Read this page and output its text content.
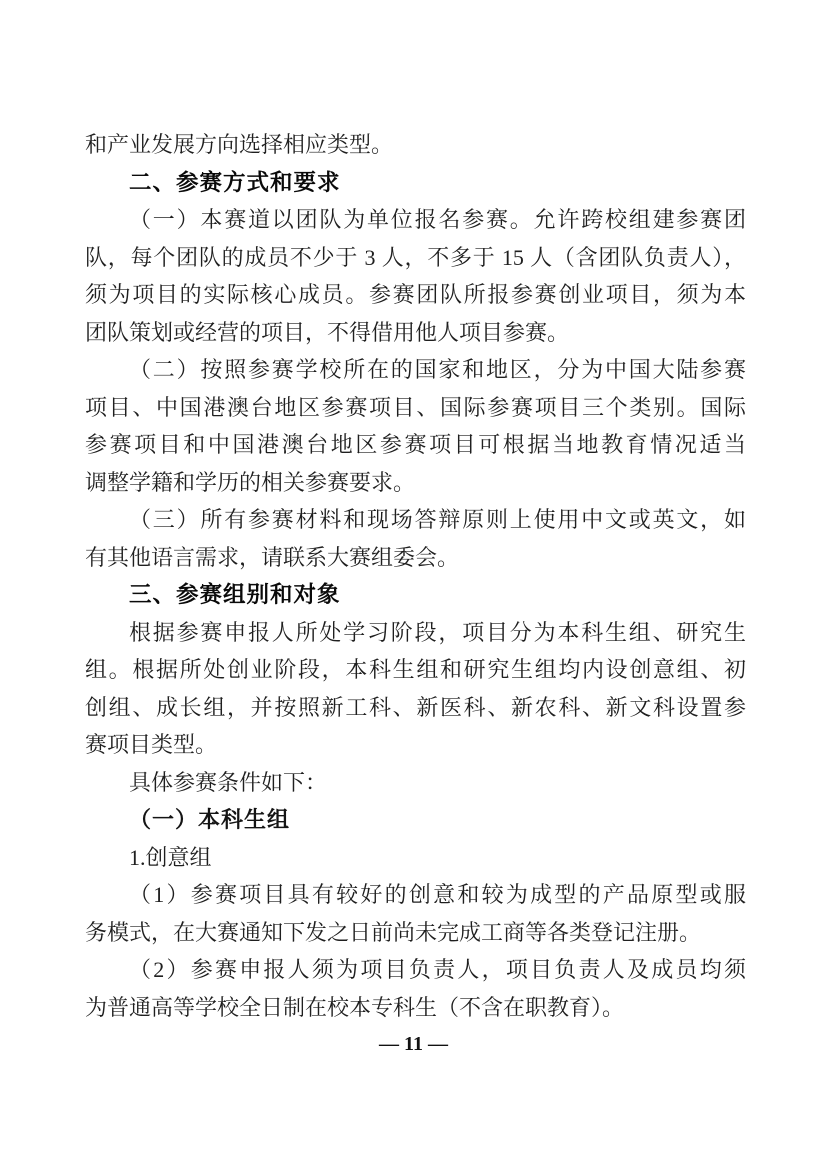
和产业发展方向选择相应类型。

二、参赛方式和要求

（一）本赛道以团队为单位报名参赛。允许跨校组建参赛团

队，每个团队的成员不少于 3 人，不多于 15 人（含团队负责人），

须为项目的实际核心成员。参赛团队所报参赛创业项目，须为本

团队策划或经营的项目，不得借用他人项目参赛。

（二）按照参赛学校所在的国家和地区，分为中国大陆参赛

项目、中国港澳台地区参赛项目、国际参赛项目三个类别。国际

参赛项目和中国港澳台地区参赛项目可根据当地教育情况适当

调整学籍和学历的相关参赛要求。

（三）所有参赛材料和现场答辩原则上使用中文或英文，如

有其他语言需求，请联系大赛组委会。

三、参赛组别和对象

根据参赛申报人所处学习阶段，项目分为本科生组、研究生

组。根据所处创业阶段，本科生组和研究生组均内设创意组、初

创组、成长组，并按照新工科、新医科、新农科、新文科设置参

赛项目类型。

具体参赛条件如下：

（一）本科生组

1.创意组

（1）参赛项目具有较好的创意和较为成型的产品原型或服

务模式，在大赛通知下发之日前尚未完成工商等各类登记注册。

（2）参赛申报人须为项目负责人，项目负责人及成员均须

为普通高等学校全日制在校本专科生（不含在职教育）。

— 11 —
